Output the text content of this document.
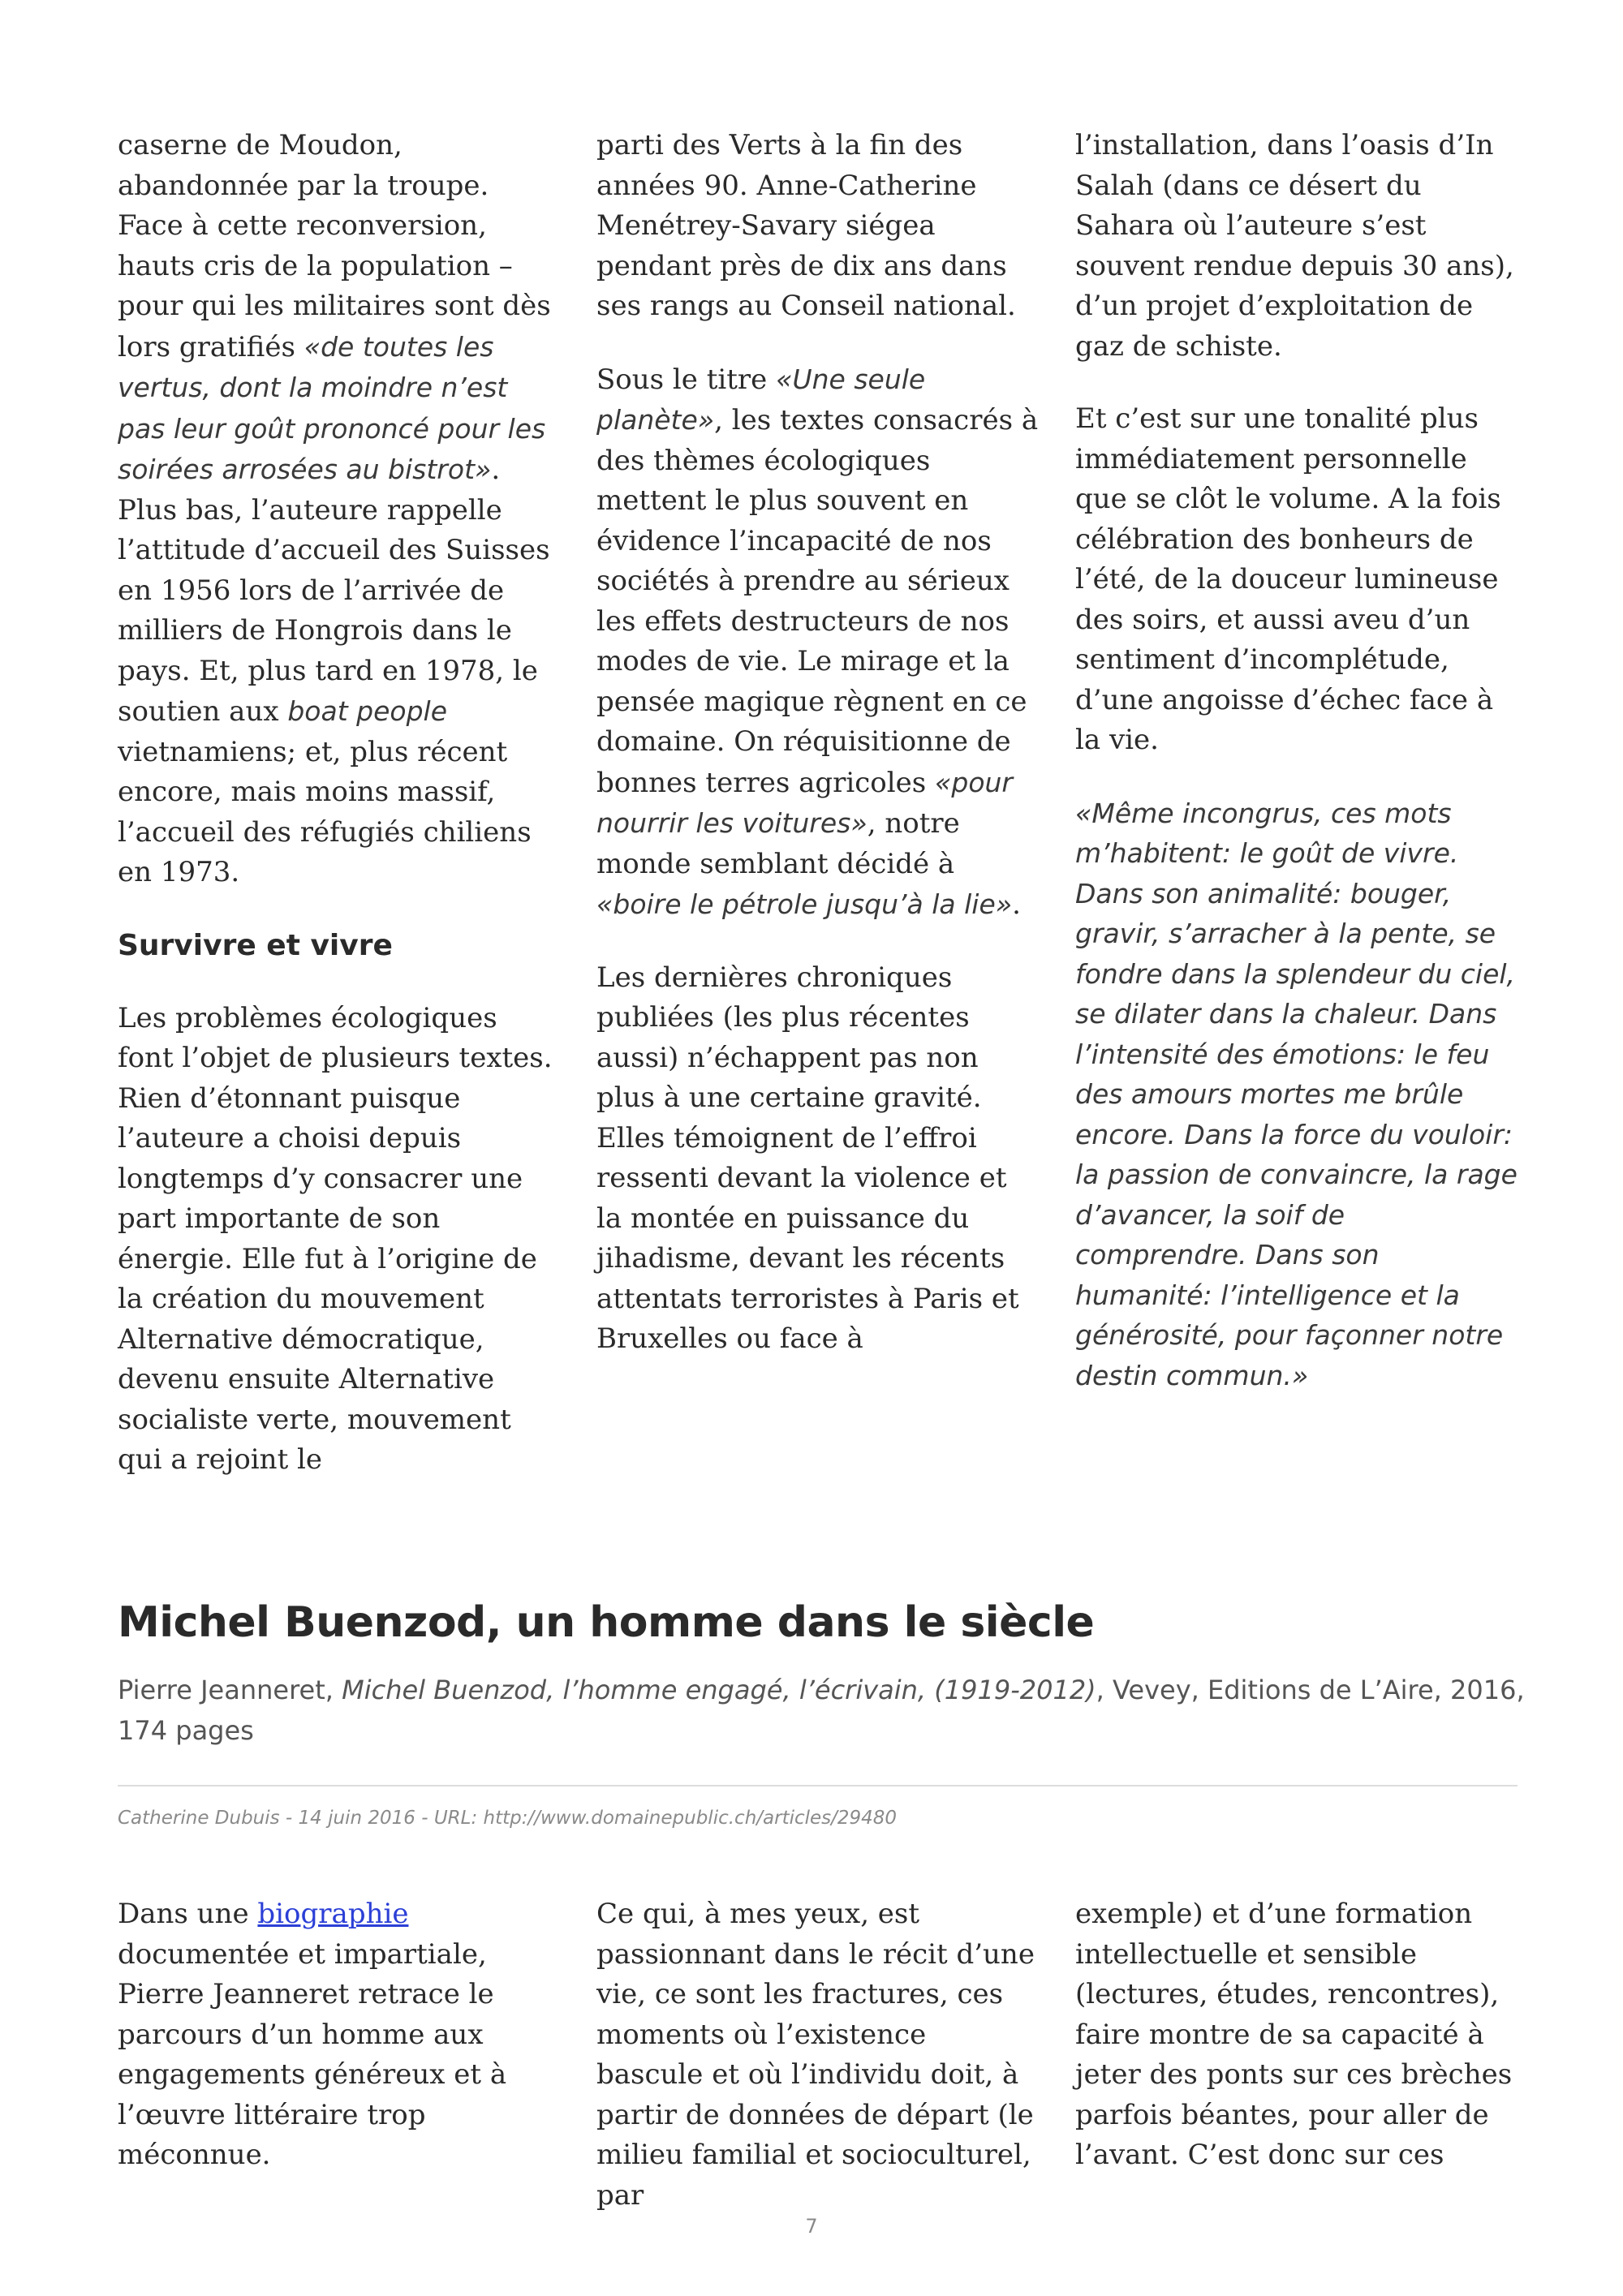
caserne de Moudon, abandonnée par la troupe. Face à cette reconversion, hauts cris de la population – pour qui les militaires sont dès lors gratifiés «de toutes les vertus, dont la moindre n’est pas leur goût prononcé pour les soirées arrosées au bistrot». Plus bas, l’auteure rappelle l’attitude d’accueil des Suisses en 1956 lors de l’arrivée de milliers de Hongrois dans le pays. Et, plus tard en 1978, le soutien aux boat people vietnamiens; et, plus récent encore, mais moins massif, l’accueil des réfugiés chiliens en 1973.

Survivre et vivre

Les problèmes écologiques font l’objet de plusieurs textes. Rien d’étonnant puisque l’auteure a choisi depuis longtemps d’y consacrer une part importante de son énergie. Elle fut à l’origine de la création du mouvement Alternative démocratique, devenu ensuite Alternative socialiste verte, mouvement qui a rejoint le

parti des Verts à la fin des années 90. Anne-Catherine Menétrey-Savary siégea pendant près de dix ans dans ses rangs au Conseil national.

Sous le titre «Une seule planète», les textes consacrés à des thèmes écologiques mettent le plus souvent en évidence l’incapacité de nos sociétés à prendre au sérieux les effets destructeurs de nos modes de vie. Le mirage et la pensée magique règnent en ce domaine. On réquisitionne de bonnes terres agricoles «pour nourrir les voitures», notre monde semblant décidé à «boire le pétrole jusqu’à la lie».

Les dernières chroniques publiées (les plus récentes aussi) n’échappent pas non plus à une certaine gravité. Elles témoignent de l’effroi ressenti devant la violence et la montée en puissance du jihadisme, devant les récents attentats terroristes à Paris et Bruxelles ou face à

l’installation, dans l’oasis d’In Salah (dans ce désert du Sahara où l’auteure s’est souvent rendue depuis 30 ans), d’un projet d’exploitation de gaz de schiste.

Et c’est sur une tonalité plus immédiatement personnelle que se clôt le volume. A la fois célébration des bonheurs de l’été, de la douceur lumineuse des soirs, et aussi aveu d’un sentiment d’incomplétude, d’une angoisse d’échec face à la vie.

«Même incongrus, ces mots m’habitent: le goût de vivre. Dans son animalité: bouger, gravir, s’arracher à la pente, se fondre dans la splendeur du ciel, se dilater dans la chaleur. Dans l’intensité des émotions: le feu des amours mortes me brûle encore. Dans la force du vouloir: la passion de convaincre, la rage d’avancer, la soif de comprendre. Dans son humanité: l’intelligence et la générosité, pour façonner notre destin commun.»

Michel Buenzod, un homme dans le siècle
Pierre Jeanneret, Michel Buenzod, l’homme engagé, l’écrivain, (1919-2012), Vevey, Editions de L’Aire, 2016, 174 pages
Catherine Dubuis - 14 juin 2016 - URL: http://www.domainepublic.ch/articles/29480

Dans une biographie documentée et impartiale, Pierre Jeanneret retrace le parcours d’un homme aux engagements généreux et à l’œuvre littéraire trop méconnue.

Ce qui, à mes yeux, est passionnant dans le récit d’une vie, ce sont les fractures, ces moments où l’existence bascule et où l’individu doit, à partir de données de départ (le milieu familial et socioculturel, par

exemple) et d’une formation intellectuelle et sensible (lectures, études, rencontres), faire montre de sa capacité à jeter des ponts sur ces brèches parfois béantes, pour aller de l’avant. C’est donc sur ces

7
